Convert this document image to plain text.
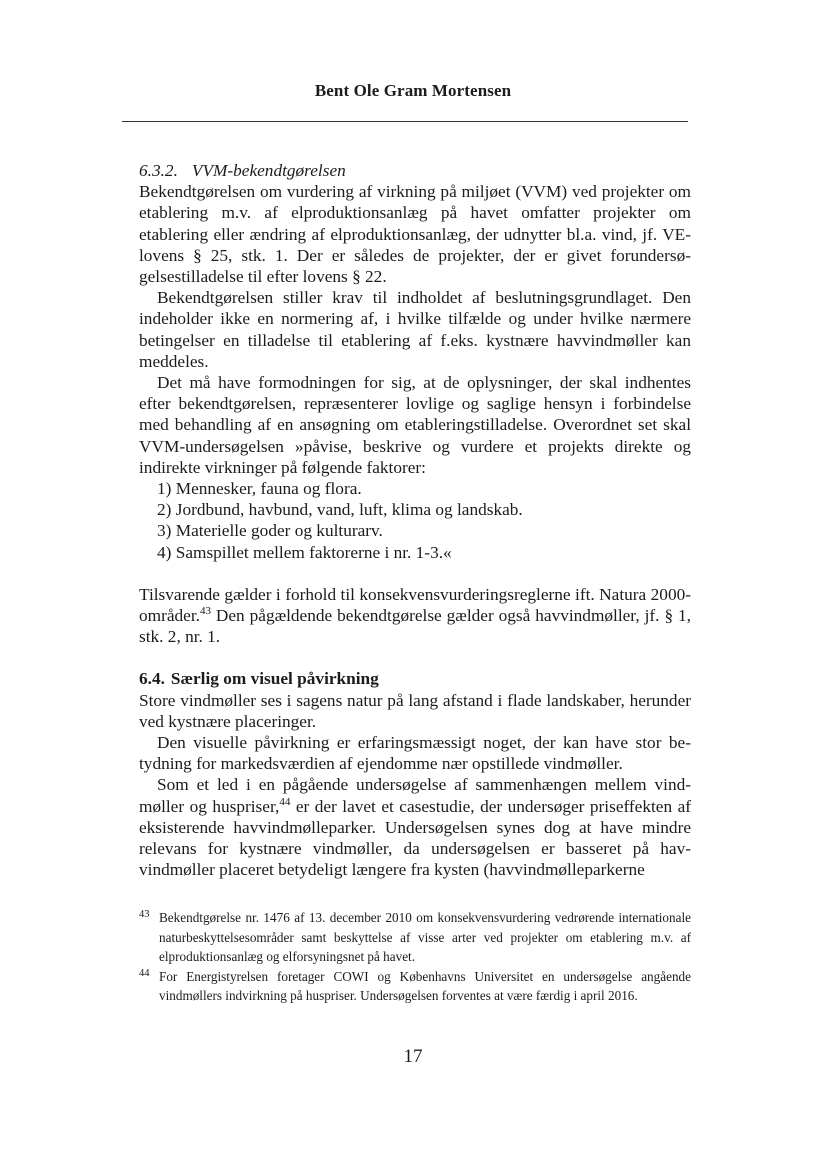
Bent Ole Gram Mortensen

6.3.2. VVM-bekendtgørelsen

Bekendtgørelsen om vurdering af virkning på miljøet (VVM) ved projekter om etablering m.v. af elproduktionsanlæg på havet omfatter projekter om etablering eller ændring af elproduktionsanlæg, der udnytter bl.a. vind, jf. VE-lovens § 25, stk. 1. Der er således de projekter, der er givet forundersøgelsestilladelse til efter lovens § 22.

Bekendtgørelsen stiller krav til indholdet af beslutningsgrundlaget. Den indeholder ikke en normering af, i hvilke tilfælde og under hvilke nærmere betingelser en tilladelse til etablering af f.eks. kystnære havvindmøller kan meddeles.

Det må have formodningen for sig, at de oplysninger, der skal indhentes efter bekendtgørelsen, repræsenterer lovlige og saglige hensyn i forbindelse med behandling af en ansøgning om etableringstilladelse. Overordnet set skal VVM-undersøgelsen »påvise, beskrive og vurdere et projekts direkte og indirekte virkninger på følgende faktorer:

1) Mennesker, fauna og flora.
2) Jordbund, havbund, vand, luft, klima og landskab.
3) Materielle goder og kulturarv.
4) Samspillet mellem faktorerne i nr. 1-3.«

Tilsvarende gælder i forhold til konsekvensvurderingsreglerne ift. Natura 2000-områder.$^{43}$ Den pågældende bekendtgørelse gælder også havvindmøller, jf. § 1, stk. 2, nr. 1.

6.4. Særlig om visuel påvirkning

Store vindmøller ses i sagens natur på lang afstand i flade landskaber, herunder ved kystnære placeringer.

Den visuelle påvirkning er erfaringsmæssigt noget, der kan have stor betydning for markedsværdien af ejendomme nær opstillede vindmøller.

Som et led i en pågående undersøgelse af sammenhængen mellem vindmøller og huspriser,$^{44}$ er der lavet et casestudie, der undersøger priseffekten af eksisterende havvindmølleparker. Undersøgelsen synes dog at have mindre relevans for kystnære vindmøller, da undersøgelsen er basseret på havvindmøller placeret betydeligt længere fra kysten (havvindmølleparkerne

43 Bekendtgørelse nr. 1476 af 13. december 2010 om konsekvensvurdering vedrørende internationale naturbeskyttelsesområder samt beskyttelse af visse arter ved projekter om etablering m.v. af elproduktionsanlæg og elforsyningsnet på havet.

44 For Energistyrelsen foretager COWI og Københavns Universitet en undersøgelse angående vindmøllers indvirkning på huspriser. Undersøgelsen forventes at være færdig i april 2016.

17
